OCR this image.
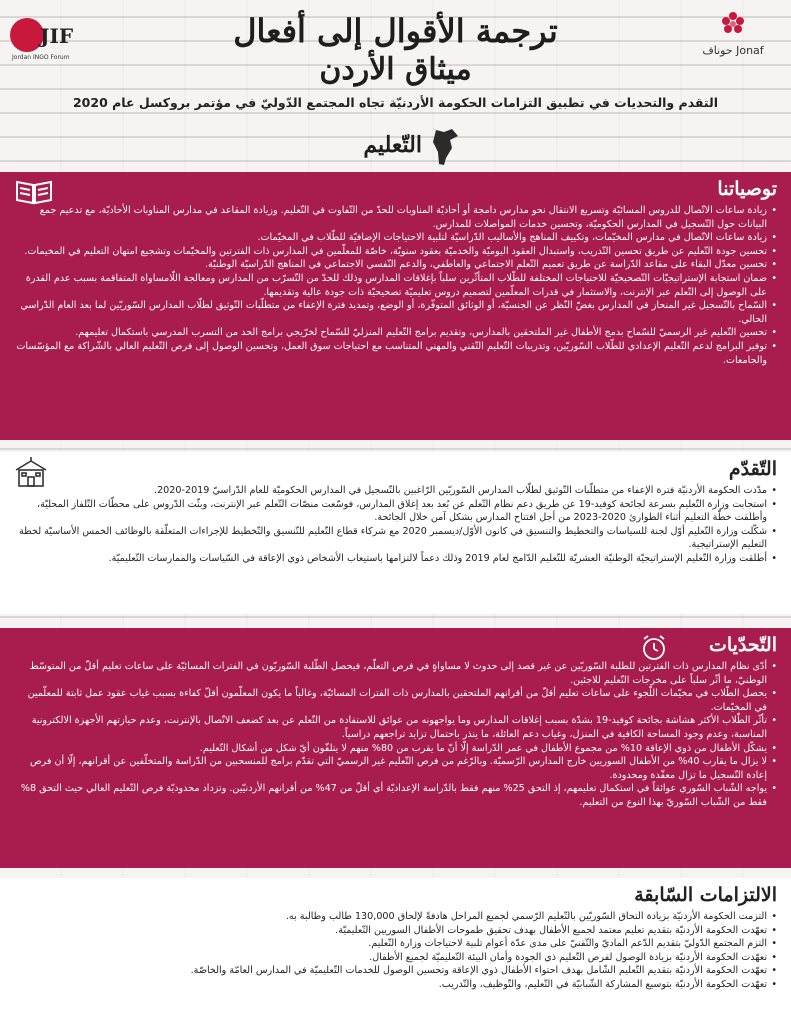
JIF
Jordan INGO Forum
Jonaf حوناف
ترجمة الأقوال إلى أفعال
ميثاق الأردن
التقدم والتحديات في تطبيق التزامات الحكومة الأردنيّة تجاه المجتمع الدّوليّ في مؤتمر بروكسل عام 2020
التّعليم
توصياتنا
• زيادة ساعات الاتّصال للدروس المسائيّة وتسريع الانتقال نحو مدارس دامجة أو أحاديّة المناوبات للحدّ من التّفاوت في التّعليم. وزيادة المقاعد في مدارس المناوبات الأحاديّة، مع تدعيم جمع البيانات حول التّسجيل في المدارس الحكوميّة، وتحسين خدمات المواصلات للمدارس.
• زيادة ساعات الاتّصال في مدارس المخيّمات، وتكييف المناهج والأساليب الدّراسيّة لتلبية الاحتياجات الإضافيّة للطّلاب في المخيّمات.
• تحسين جودة التّعليم عن طريق تحسين التّدريب، واستبدال العقود اليوميّة والخدميّة بعقود سنويّة، خاصّة للمعلّمين في المدارس ذات الفترتين والمخيّمات وتشجيع امتهان التعليم في المخيمات.
• تحسين معدّل البقاء على مقاعد الدّراسة عن طريق تعميم التّعلم الاجتماعي والعاطفي، والدعم النّفسي الاجتماعي في المناهج الدّراسيّة الوطنيّة.
• ضمان استجابة الإستراتيجيّات التّصحيحيّة للاحتياجات المختلفة للطّلاب المتأثّرين سلباً بإغلاقات المدارس وذلك للحدّ من التّسرّب من المدارس ومعالجة اللّامساواة المتفاقمة بسبب عدم القدرة على الوصول إلى التّعلم عبر الإنترنت، والاستثمار في قدرات المعلّمين لتصميم دروس تعليميّة تصحيحيّة ذات جودة عالية وتقديمها.
• السّماح بالتّسجيل غير المنحاز في المدارس بغضّ النّظر عن الجنسيّة، أو الوثائق المتوفّرة، أو الوضع، وتمديد فترة الإعفاء من متطلّبات التّوثيق لطلّاب المدارس السّوريّين لما بعد العام الدّراسي الحالي.
• تحسين التّعليم غير الرسميّ للسّماح بدمج الأطفال غير الملتحقين بالمدارس، وتقديم برامج التّعليم المنزليّ للسّماح لخرّيجي برامج الحد من التسرب المدرسي باستكمال تعليمهم.
• توفير البرامج لدعم التّعليم الإعدادي للطّلاب السّوريّين، وتدريبات التّعليم التّقني والمهني المتناسب مع احتياجات سوق العمل، وتحسين الوصول إلى فرص التّعليم العالي بالشّراكة مع المؤسّسات والجامعات.
التّقدّم
• مدّدت الحكومة الأردنيّة فترة الإعفاء من متطلّبات التّوثيق لطلّاب المدارس السّوريّين الرّاغبين بالتّسجيل في المدارس الحكوميّة للعام الدّراسيّ 2019-2020.
• استجابت وزارة التّعليم بسرعة لجائحة كوفيد-19 عن طريق دعم نظام التّعلم عن بُعد بعد إغلاق المدارس، فوسّعت منصّات التّعلم عبر الإنترنت، وبثّت الدّروس على محطّات التّلفاز المحليّة، وأطلقت خطّة التعليم أثناء الطوارئ 2020-2023 من أجل افتتاح المدارس بشكل آمن خلال الجائحة.
• شكّلت وزارة التّعليم أوّل لجنة للسياسات والتخطيط والتنسيق في كانون الأوّل/ديسمبر 2020 مع شركاء قطاع التّعليم للتّنسيق والتّخطيط للإجراءات المتعلّقة بالوظائف الخمس الأساسيّة لخطة التعليم الإستراتيجية.
• أطلقت وزارة التّعليم الإستراتيجيّة الوطنيّة العشريّة للتّعليم الدّامج لعام 2019 وذلك دعماً لالتزامها باستيعاب الأشخاص ذوي الإعاقة في السّياسات والممارسات التّعليميّة.
التّحدّيات
• أدّى نظام المدارس ذات الفترتين للطلبة السّوريّين عن غير قصد إلى حدوث لا مساواةٍ في فرص التعلّم، فيحصل الطّلبة السّوريّون في الفترات المسائيّة على ساعات تعليم أقلّ من المتوسّط الوطنيّ، ما أثّر سلباً على مخرجات التّعليم للاجئين.
• يحصل الطّلاب في مخيّمات اللّجوء على ساعات تعليم أقلّ من أقرانهم الملتحقين بالمدارس ذات الفترات المسائيّة، وغالباً ما يكون المعلّمون أقلّ كفاءة بسبب غياب عقود عمل ثابتة للمعلّمين في المخيّمات.
• تأثّر الطّلاب الأكثر هشاشة بجائحة كوفيد-19 بشدّة بسبب إغلاقات المدارس وما يواجهونه من عوائق للاستفادة من التّعلم عن بعد كضعف الاتّصال بالإنترنت، وعدم حيازتهم الأجهزة الالكترونية المناسبة، وعدم وجود المساحة الكافية في المنزل، وغياب دعم العائلة، ما ينذر باحتمال تزايد تراجعهم دراسياً.
• يشكّل الأطفال من ذوي الإعاقة 10% من مجموع الأطفال في عمر الدّراسة إلّا أنّ ما يقرب من 80% منهم لا يتلقّون أيّ شكل من أشكال التّعليم.
• لا يزال ما يقارب 40% من الأطفال السوريين خارج المدارس الرّسميّة. وبالرّغم من فرص التّعليم غير الرسميّ التي تقدّم برامج للمنسحبين من الدّراسة والمتخلّفين عن أقرانهم، إلّا أن فرص إعادة التّسجيل ما تزال معقّدة ومحدودة.
• يواجه الشّباب السّوري عوائقاً في استكمال تعليمهم، إذ التحق 25% منهم فقط بالدّراسة الإعداديّة أي أقلّ من 47% من أقرانهم الأردنيّين. وتزداد محدوديّة فرص التّعليم العالي حيث التحق 8% فقط من الشّباب السّوريّ بهذا النوع من التعليم.
الالتزامات السّابقة
• التزمت الحكومة الأردنيّة بزيادة التحاق السّوريّين بالتّعليم الرّسمي لجميع المراحل هادفةً لإلحاق 130,000 طالب وطالبة به.
• تعهّدت الحكومة الأردنيّة بتقديم تعليم معتمد لجميع الأطفال بهدف تحقيق طموحات الأطفال السوريين التّعليميّة.
• التزم المجتمع الدّوليّ بتقديم الدّعم الماديّ والتّقنيّ على مدى عدّة أعوام تلبية لاحتياجات وزارة التّعليم.
• تعهّدت الحكومة الأردنيّة بزيادة الوصول لفرص التّعليم ذي الجودة وأمان البيئة التّعليميّة لجميع الأطفال.
• تعهّدت الحكومة الأردنيّة بتقديم التّعليم الشّامل بهدف احتواء الأطفال ذوي الإعاقة وتحسين الوصول للخدمات التّعليميّة في المدارس العامّة والخاصّة.
• تعهّدت الحكومة الأردنيّة بتوسيع المشاركة الشّبابيّة في التّعليم، والتّوظيف، والتّدريب.
